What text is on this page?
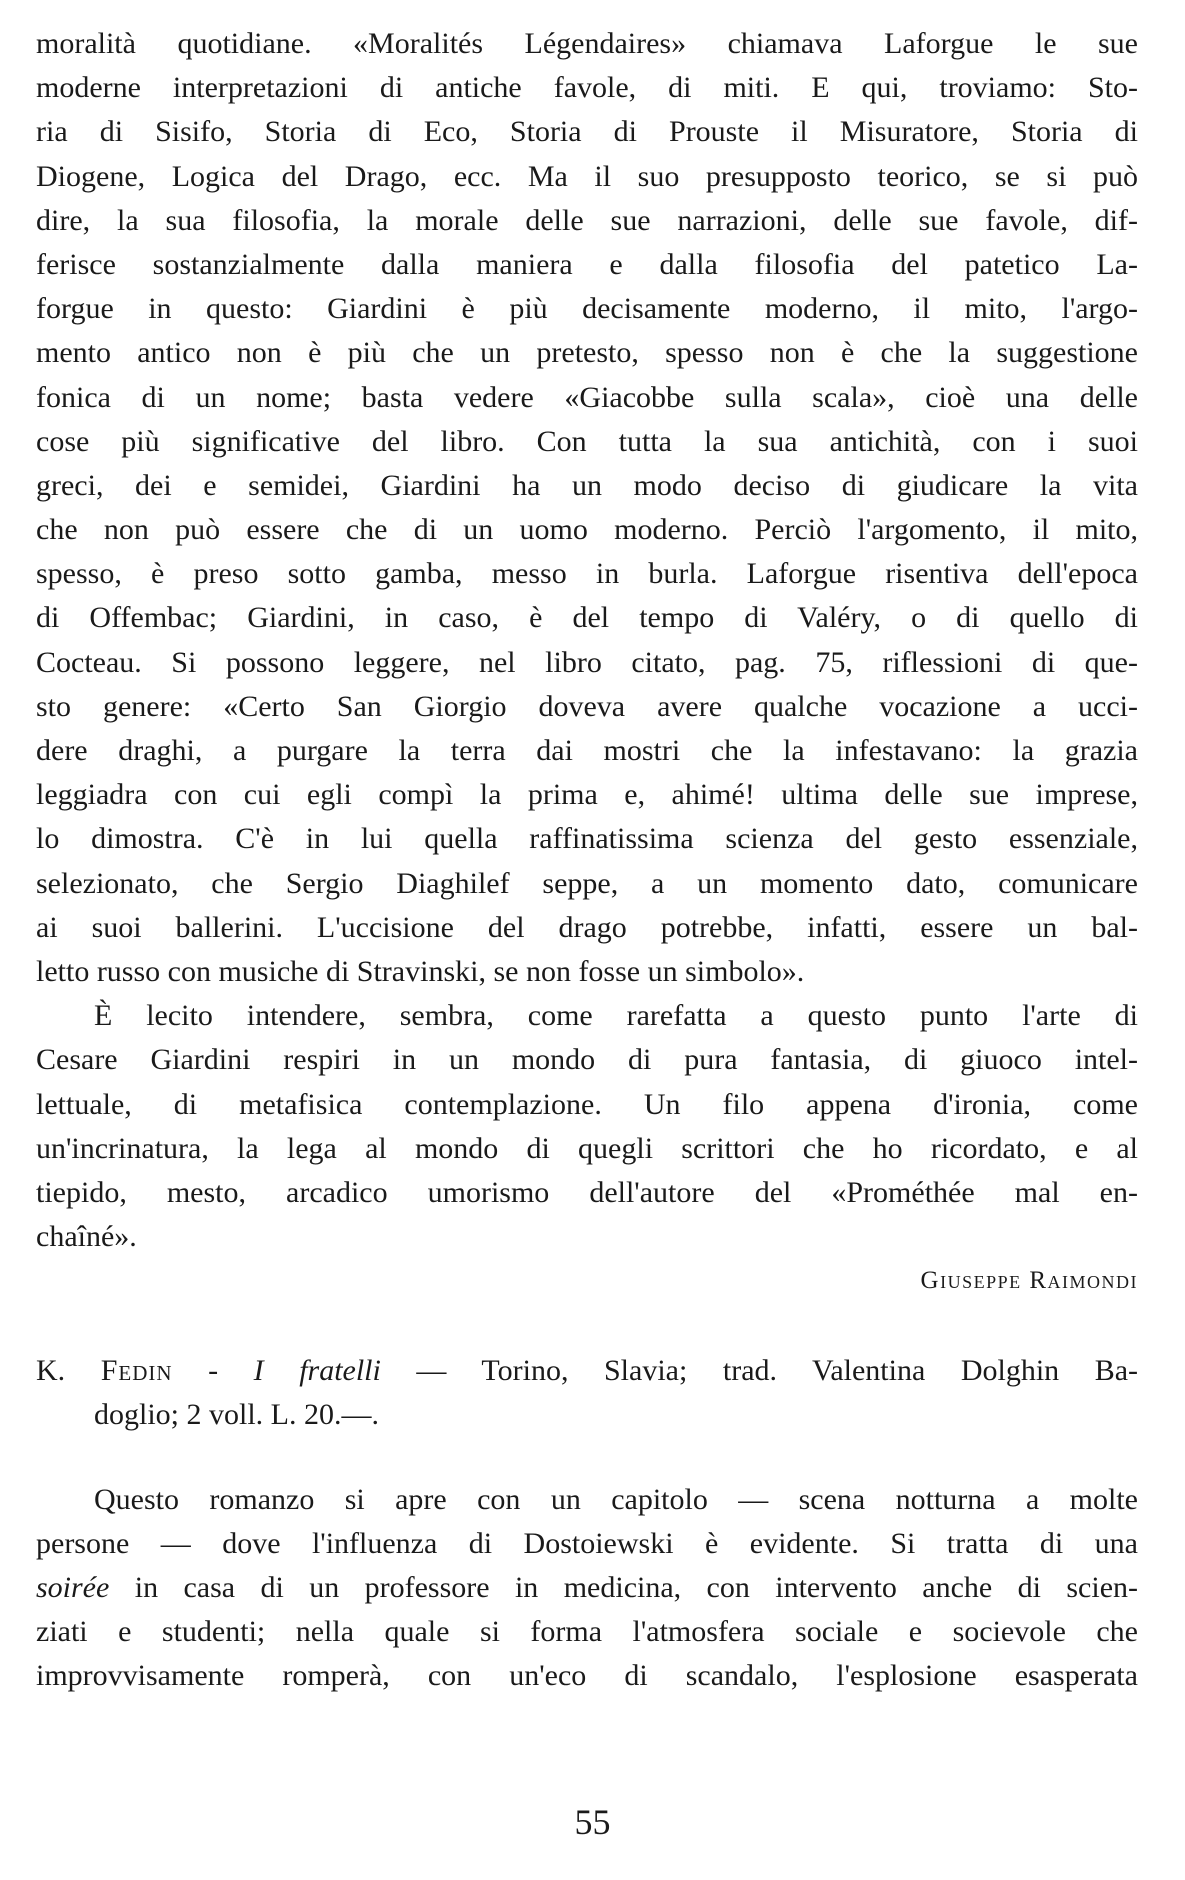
moralità quotidiane. «Moralités Légendaires» chiamava Laforgue le sue
moderne interpretazioni di antiche favole, di miti. E qui, troviamo: Sto-
ria di Sisifo, Storia di Eco, Storia di Prouste il Misuratore, Storia di
Diogene, Logica del Drago, ecc. Ma il suo presupposto teorico, se si può
dire, la sua filosofia, la morale delle sue narrazioni, delle sue favole, dif-
ferisce sostanzialmente dalla maniera e dalla filosofia del patetico La-
forgue in questo: Giardini è più decisamente moderno, il mito, l'argo-
mento antico non è più che un pretesto, spesso non è che la suggestione
fonica di un nome; basta vedere «Giacobbe sulla scala», cioè una delle
cose più significative del libro. Con tutta la sua antichità, con i suoi
greci, dei e semidei, Giardini ha un modo deciso di giudicare la vita
che non può essere che di un uomo moderno. Perciò l'argomento, il mito,
spesso, è preso sotto gamba, messo in burla. Laforgue risentiva dell'epoca
di Offembac; Giardini, in caso, è del tempo di Valéry, o di quello di
Cocteau. Si possono leggere, nel libro citato, pag. 75, riflessioni di que-
sto genere: «Certo San Giorgio doveva avere qualche vocazione a ucci-
dere draghi, a purgare la terra dai mostri che la infestavano: la grazia
leggiadra con cui egli compì la prima e, ahimé! ultima delle sue imprese,
lo dimostra. C'è in lui quella raffinatissima scienza del gesto essenziale,
selezionato, che Sergio Diaghilef seppe, a un momento dato, comunicare
ai suoi ballerini. L'uccisione del drago potrebbe, infatti, essere un bal-
letto russo con musiche di Stravinski, se non fosse un simbolo».
È lecito intendere, sembra, come rarefatta a questo punto l'arte di
Cesare Giardini respiri in un mondo di pura fantasia, di giuoco intel-
lettuale, di metafisica contemplazione. Un filo appena d'ironia, come
un'incrinatura, la lega al mondo di quegli scrittori che ho ricordato, e al
tiepido, mesto, arcadico umorismo dell'autore del «Prométhée mal en-
chaîné».
Giuseppe Raimondi
K. Fedin - I fratelli — Torino, Slavia; trad. Valentina Dolghin Ba-
doglio; 2 voll. L. 20.—.
Questo romanzo si apre con un capitolo — scena notturna a molte
persone — dove l'influenza di Dostoiewski è evidente. Si tratta di una
soirée in casa di un professore in medicina, con intervento anche di scien-
ziati e studenti; nella quale si forma l'atmosfera sociale e socievole che
improvvisamente romperà, con un'eco di scandalo, l'esplosione esasperata
55
